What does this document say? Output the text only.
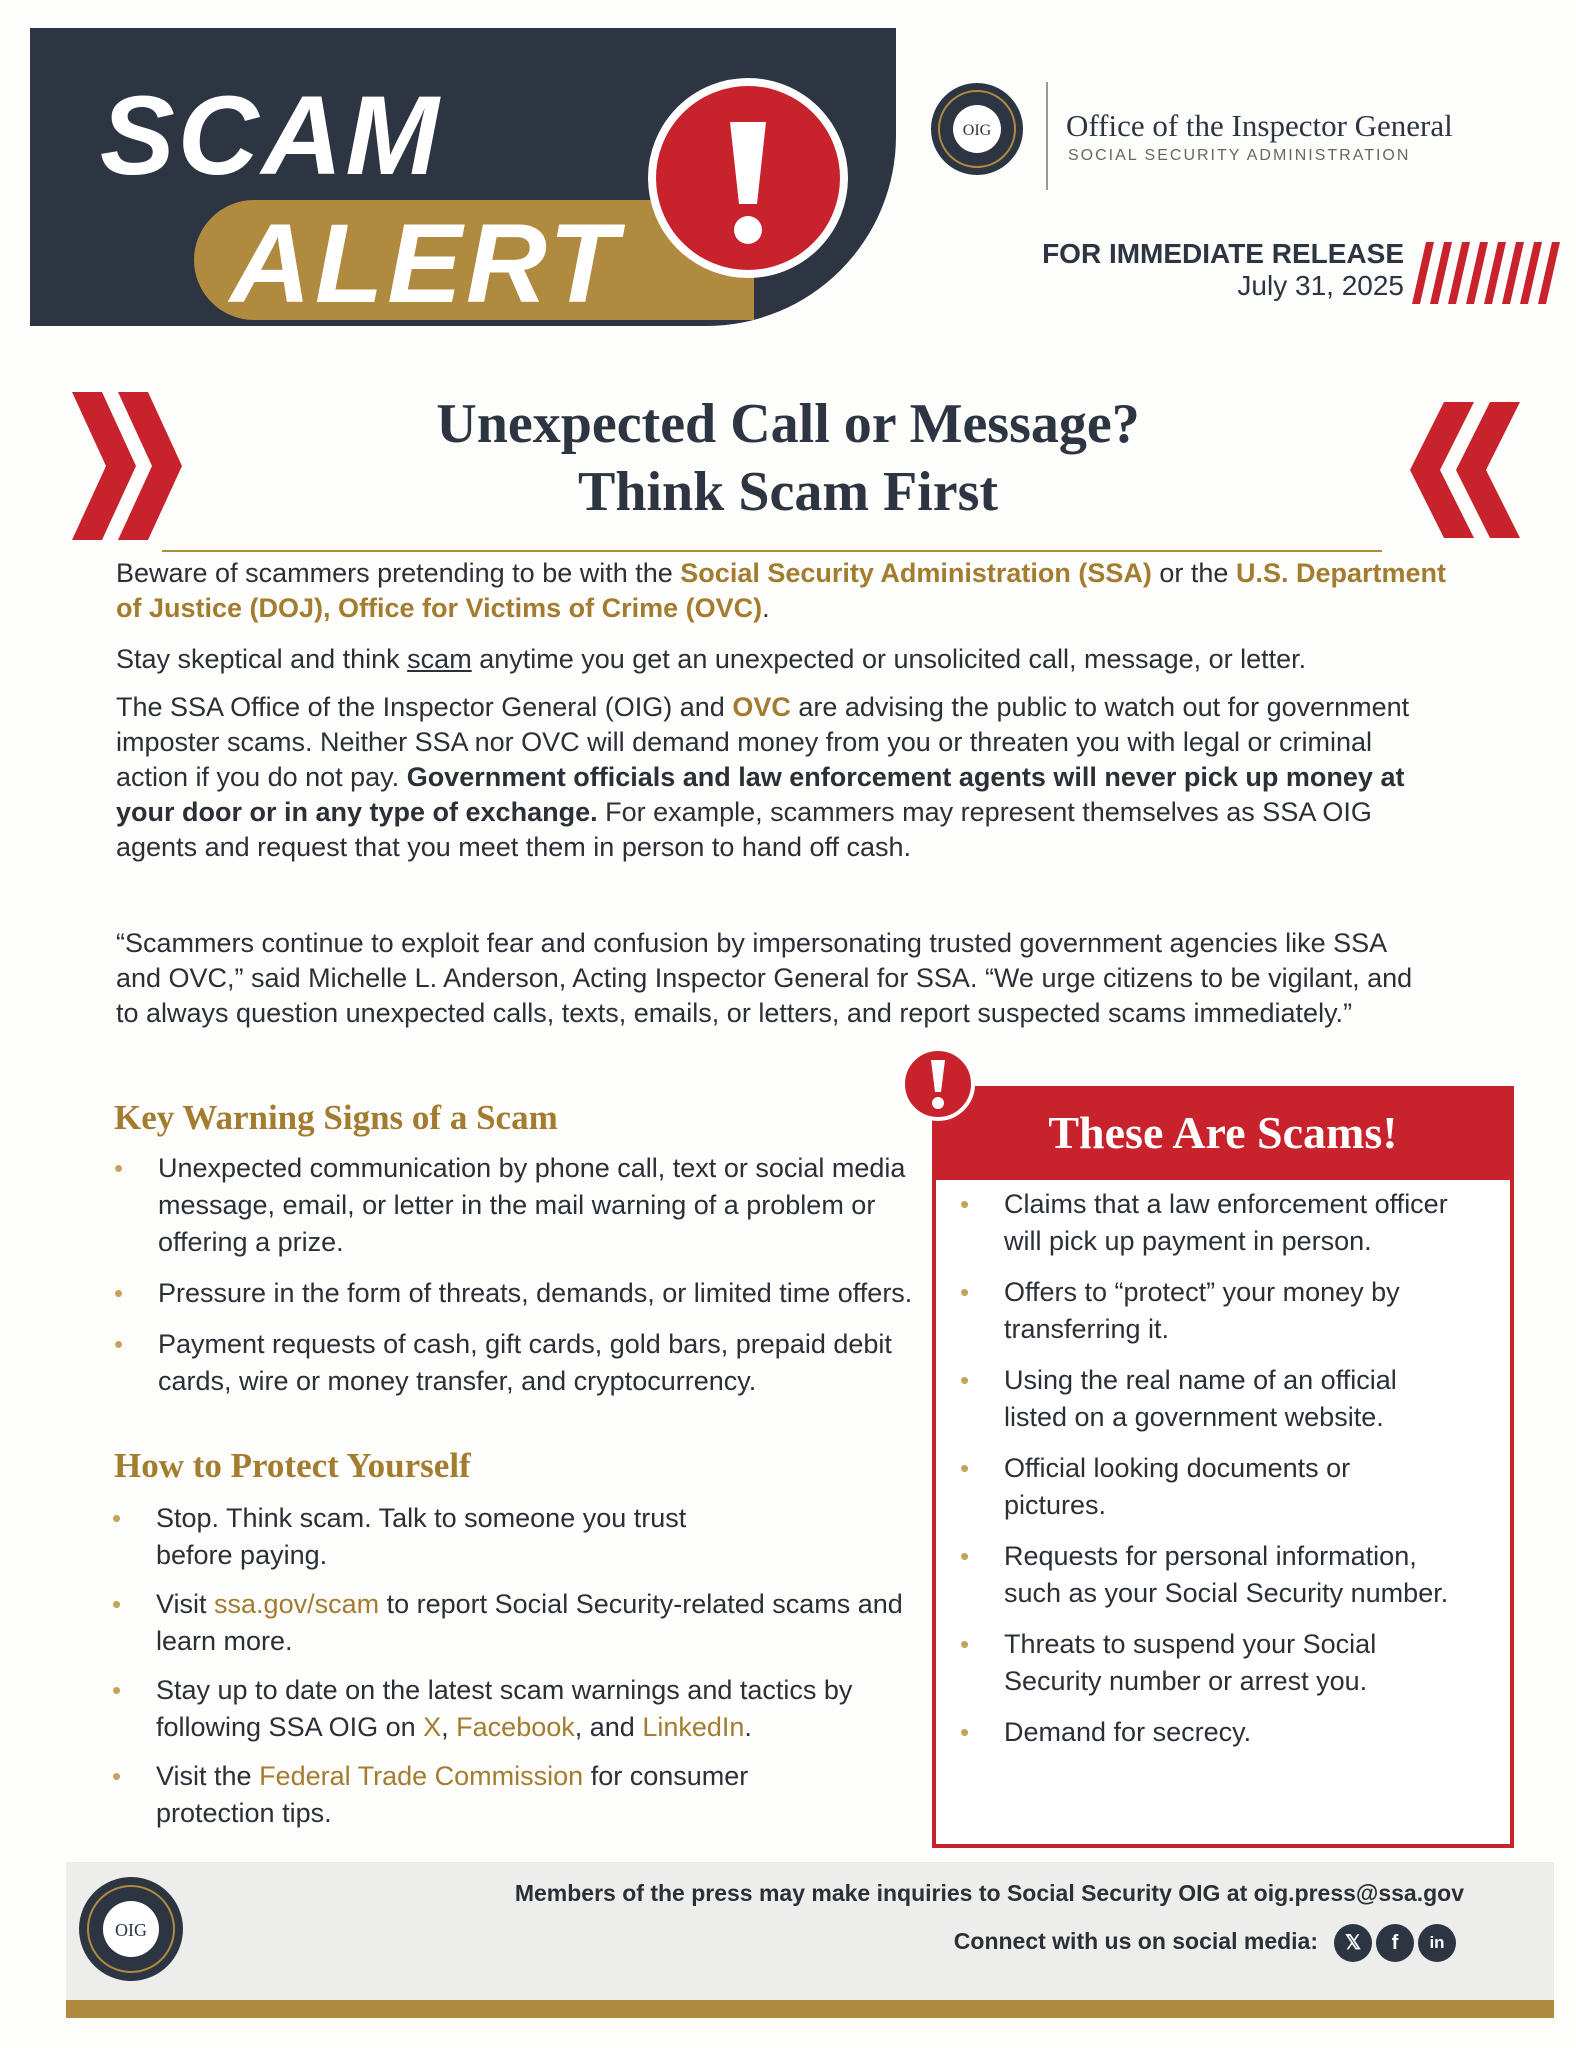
SCAM
ALERT
OIG Office of the Inspector General
SOCIAL SECURITY ADMINISTRATION
FOR IMMEDIATE RELEASE
July 31, 2025
Unexpected Call or Message?
Think Scam First
Beware of scammers pretending to be with the Social Security Administration (SSA) or the U.S. Department of Justice (DOJ), Office for Victims of Crime (OVC).
Stay skeptical and think scam anytime you get an unexpected or unsolicited call, message, or letter.
The SSA Office of the Inspector General (OIG) and OVC are advising the public to watch out for government imposter scams. Neither SSA nor OVC will demand money from you or threaten you with legal or criminal action if you do not pay. Government officials and law enforcement agents will never pick up money at your door or in any type of exchange. For example, scammers may represent themselves as SSA OIG agents and request that you meet them in person to hand off cash.
“Scammers continue to exploit fear and confusion by impersonating trusted government agencies like SSA and OVC,” said Michelle L. Anderson, Acting Inspector General for SSA. “We urge citizens to be vigilant, and to always question unexpected calls, texts, emails, or letters, and report suspected scams immediately.”
Key Warning Signs of a Scam
• Unexpected communication by phone call, text or social media message, email, or letter in the mail warning of a problem or offering a prize.
• Pressure in the form of threats, demands, or limited time offers.
• Payment requests of cash, gift cards, gold bars, prepaid debit cards, wire or money transfer, and cryptocurrency.
How to Protect Yourself
• Stop. Think scam. Talk to someone you trust before paying.
• Visit ssa.gov/scam to report Social Security-related scams and learn more.
• Stay up to date on the latest scam warnings and tactics by following SSA OIG on X, Facebook, and LinkedIn.
• Visit the Federal Trade Commission for consumer protection tips.
These Are Scams!
• Claims that a law enforcement officer will pick up payment in person.
• Offers to “protect” your money by transferring it.
• Using the real name of an official listed on a government website.
• Official looking documents or pictures.
• Requests for personal information, such as your Social Security number.
• Threats to suspend your Social Security number or arrest you.
• Demand for secrecy.
OIG
Members of the press may make inquiries to Social Security OIG at oig.press@ssa.gov
Connect with us on social media:	𝕏	f	in
